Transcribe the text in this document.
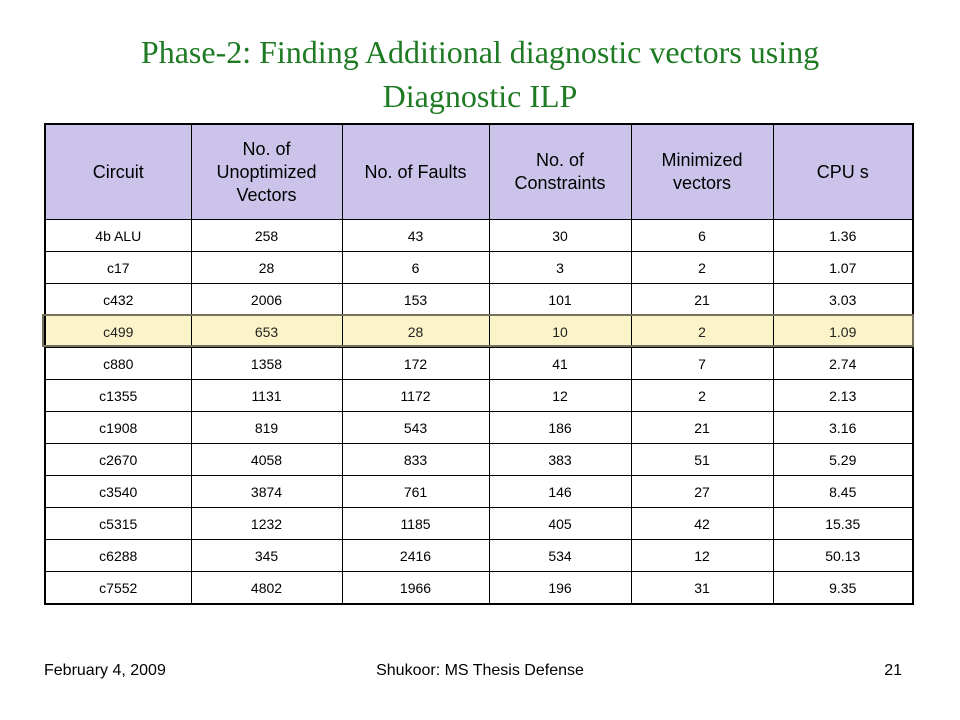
Phase-2: Finding Additional diagnostic vectors using
Diagnostic ILP
Circuit	No. of Unoptimized Vectors	No. of Faults	No. of Constraints	Minimized vectors	CPU s
4b ALU	258	43	30	6	1.36
c17	28	6	3	2	1.07
c432	2006	153	101	21	3.03
c499	653	28	10	2	1.09
c880	1358	172	41	7	2.74
c1355	1131	1172	12	2	2.13
c1908	819	543	186	21	3.16
c2670	4058	833	383	51	5.29
c3540	3874	761	146	27	8.45
c5315	1232	1185	405	42	15.35
c6288	345	2416	534	12	50.13
c7552	4802	1966	196	31	9.35
February 4, 2009	Shukoor: MS Thesis Defense	21
